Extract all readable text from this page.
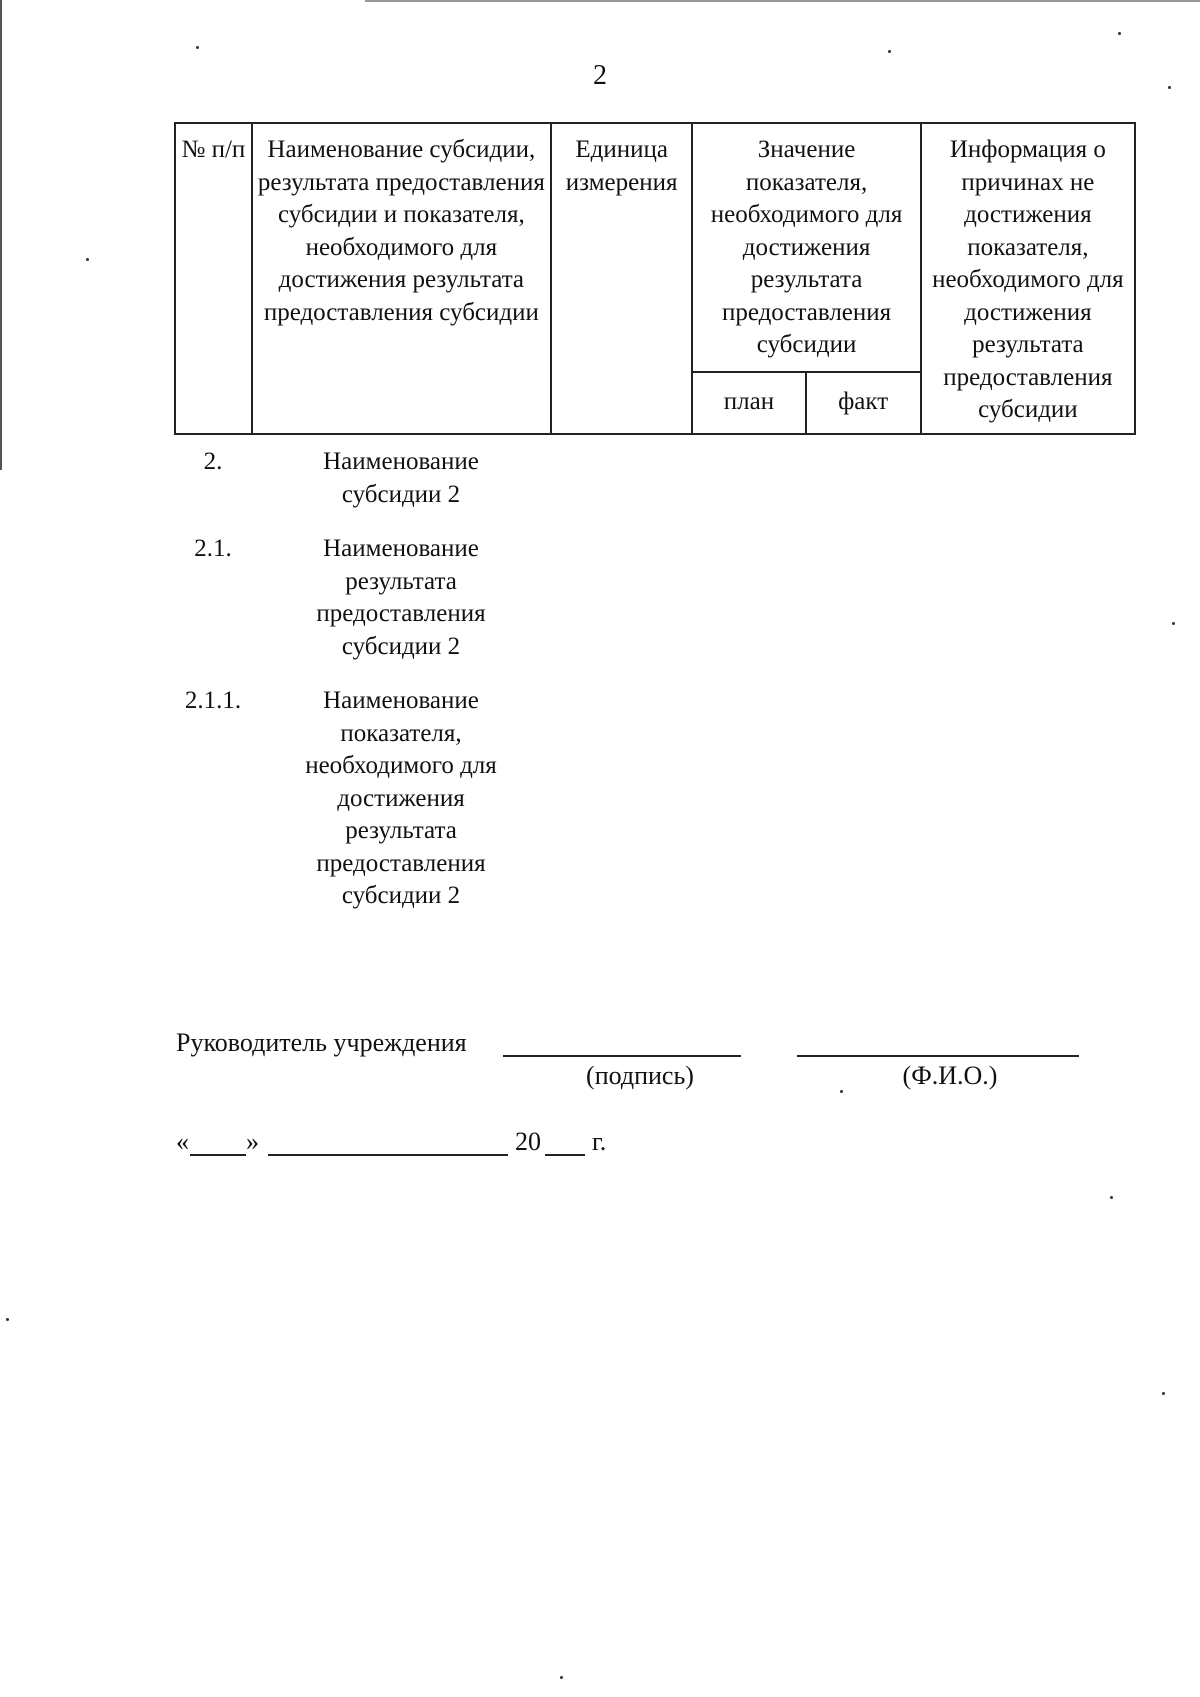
2
№ п/п	Наименование субсидии, результата предоставления субсидии и показателя, необходимого для достижения результата предоставления субсидии	Единица измерения	Значение показателя, необходимого для достижения результата предоставления субсидии		Информация о причинах не достижения показателя, необходимого для достижения результата предоставления субсидии
			план	факт	
2.	Наименование субсидии 2
2.1.	Наименование результата предоставления субсидии 2
2.1.1.	Наименование показателя, необходимого для достижения результата предоставления субсидии 2
Руководитель учреждения
(подпись)	(Ф.И.О.)
« »	20 г.
